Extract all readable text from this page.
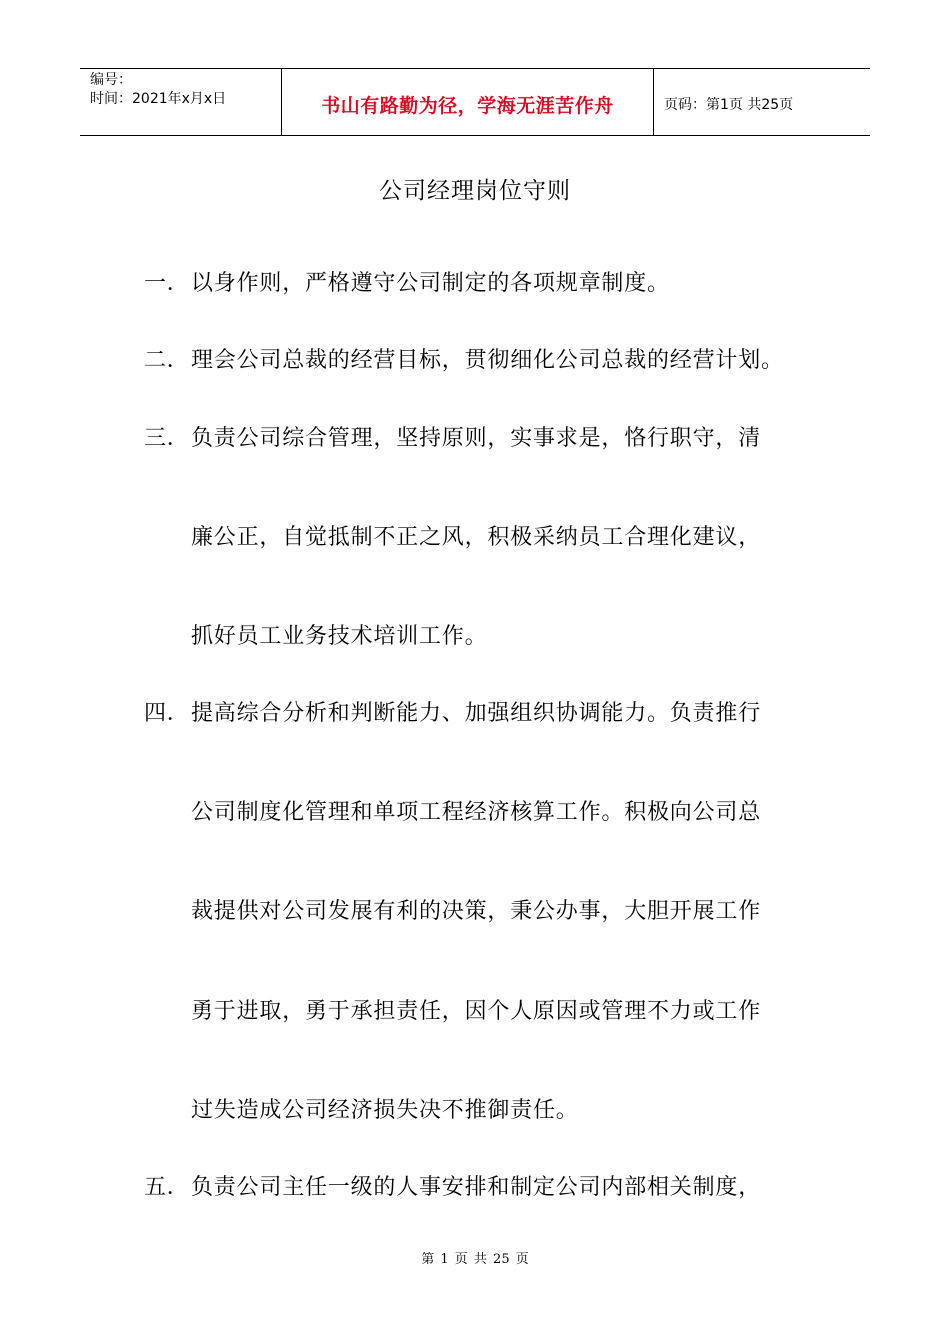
编号：
时间：2021年x月x日	书山有路勤为径，学海无涯苦作舟	页码：第1页 共25页
公司经理岗位守则
一． 以身作则，严格遵守公司制定的各项规章制度。
二． 理会公司总裁的经营目标，贯彻细化公司总裁的经营计划。
三． 负责公司综合管理，坚持原则，实事求是，恪行职守，清
廉公正，自觉抵制不正之风，积极采纳员工合理化建议，
抓好员工业务技术培训工作。
四． 提高综合分析和判断能力、加强组织协调能力。负责推行
公司制度化管理和单项工程经济核算工作。积极向公司总
裁提供对公司发展有利的决策，秉公办事，大胆开展工作
勇于进取，勇于承担责任，因个人原因或管理不力或工作
过失造成公司经济损失决不推御责任。
五． 负责公司主任一级的人事安排和制定公司内部相关制度，
第 1 页 共 25 页
